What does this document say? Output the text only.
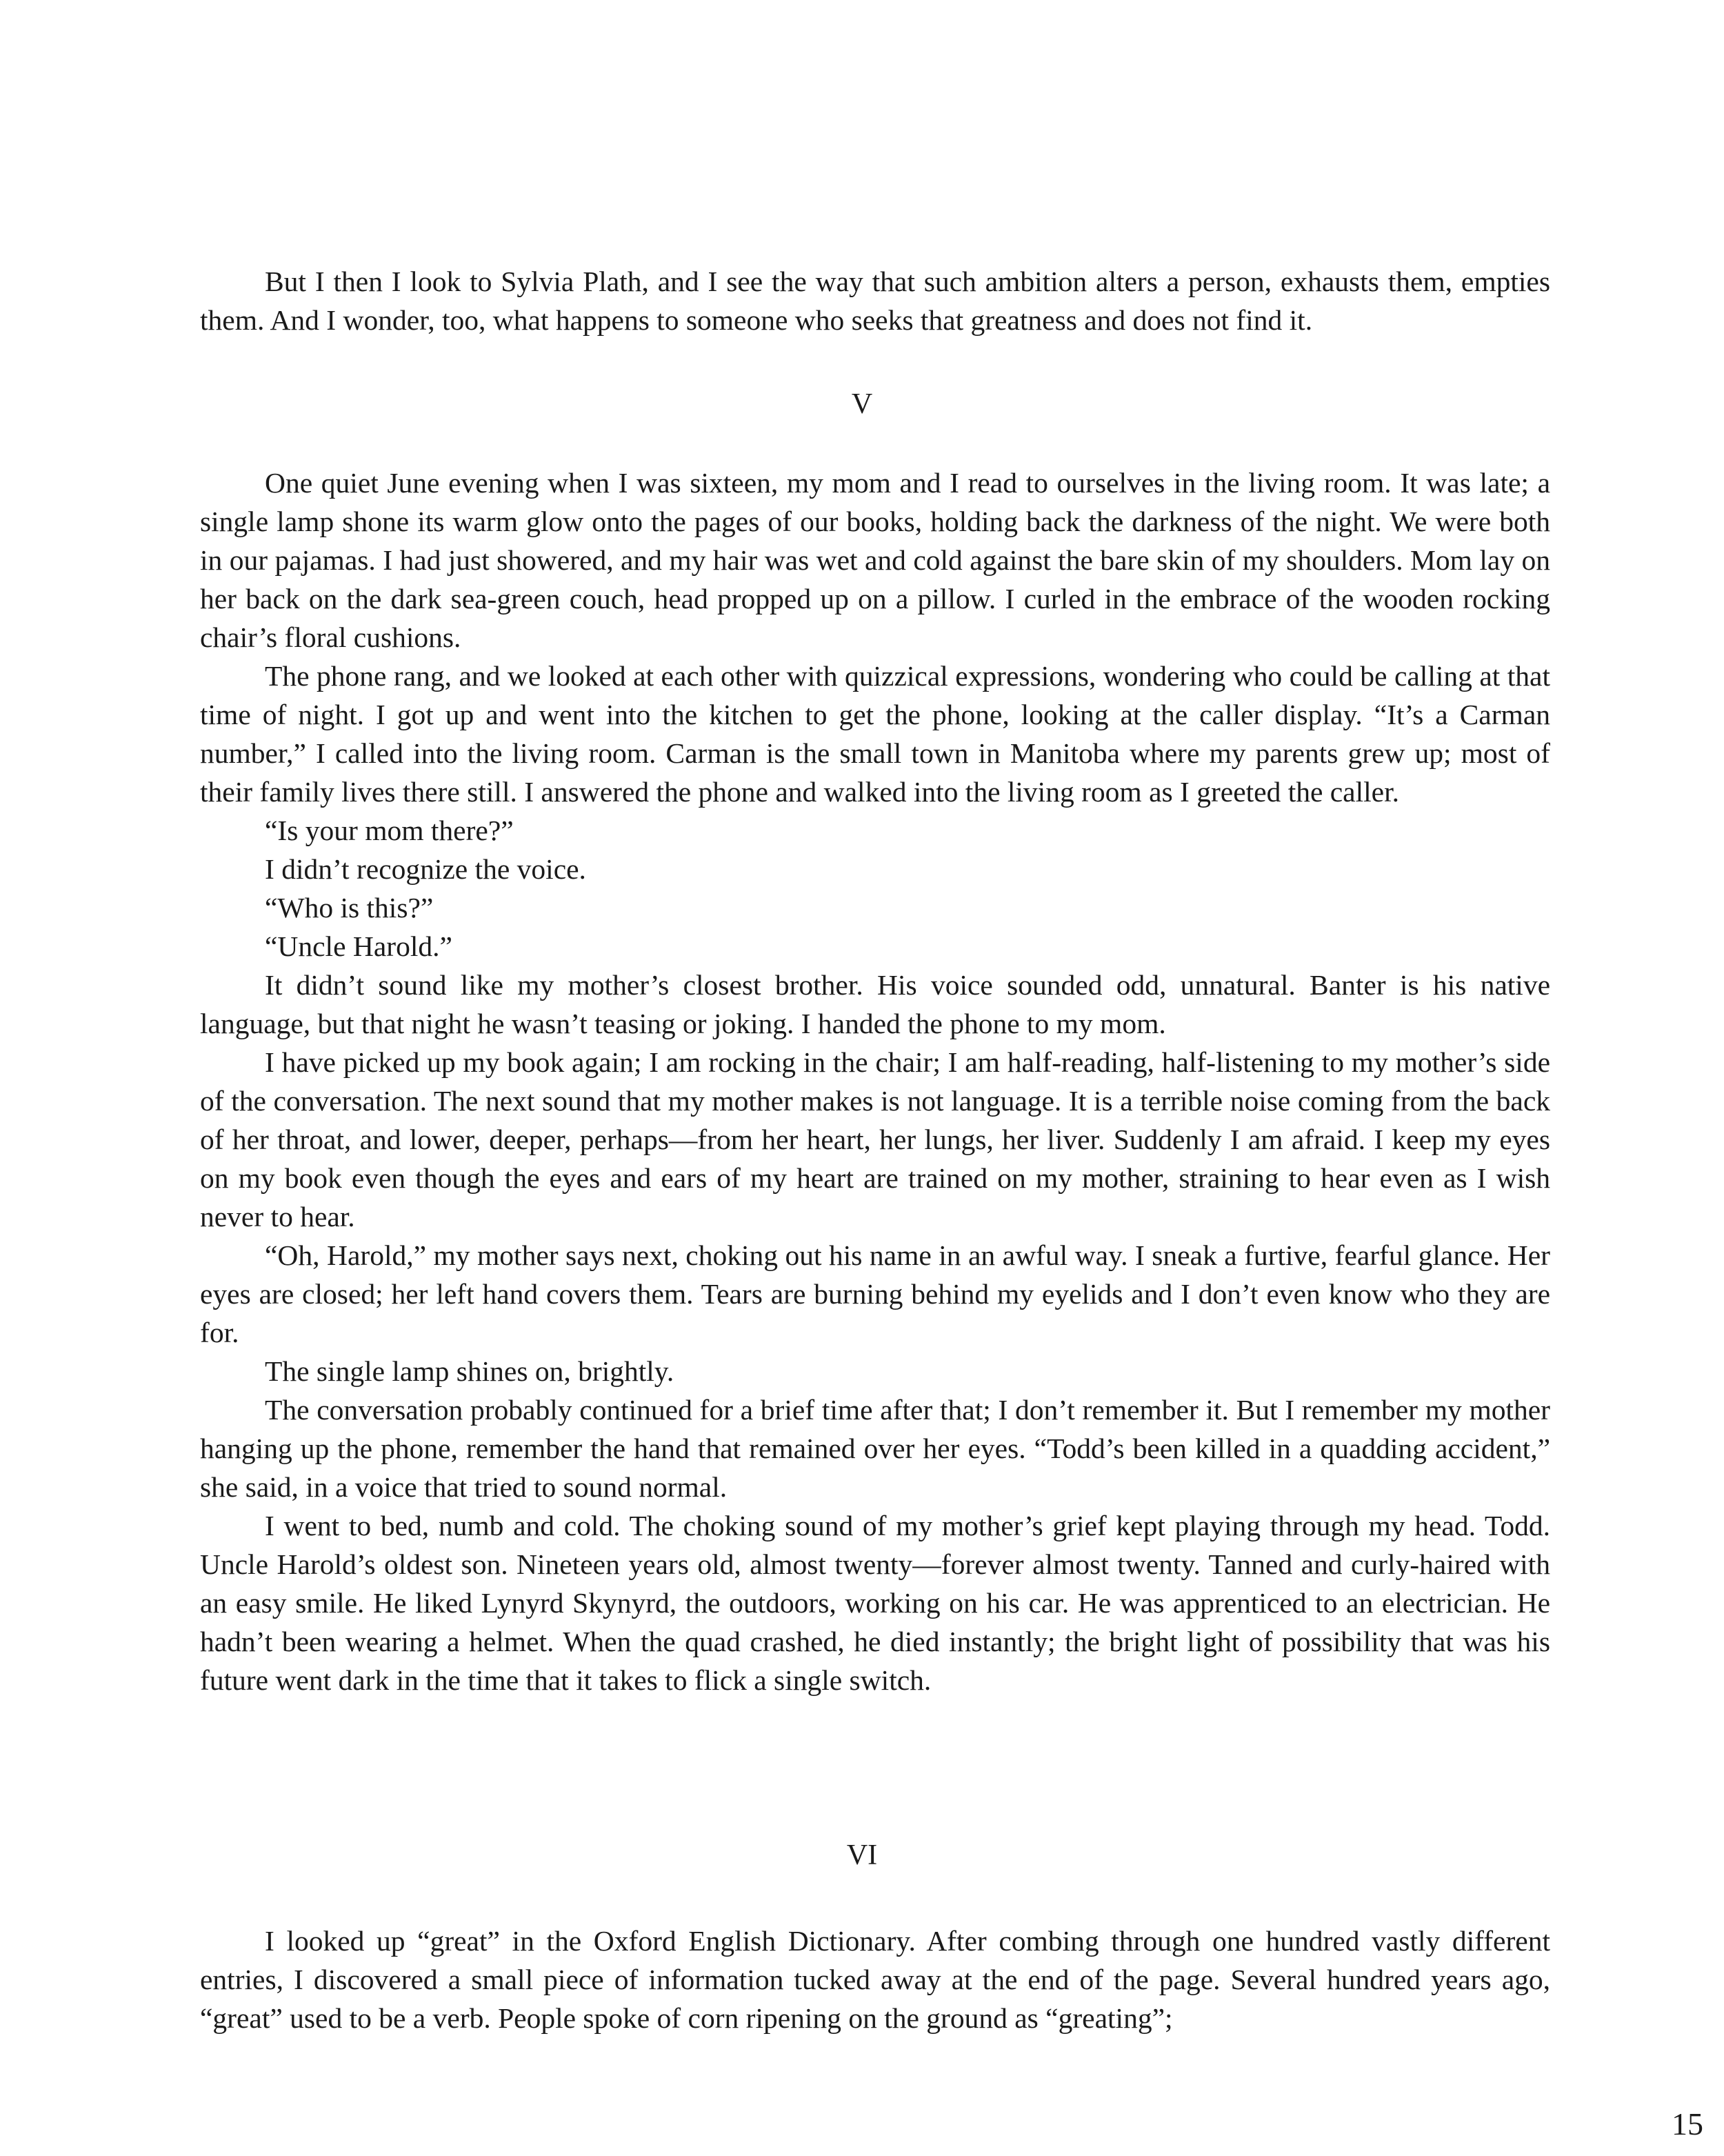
But I then I look to Sylvia Plath, and I see the way that such ambition alters a person, exhausts them, empties them. And I wonder, too, what happens to someone who seeks that greatness and does not find it.

V

One quiet June evening when I was sixteen, my mom and I read to ourselves in the living room. It was late; a single lamp shone its warm glow onto the pages of our books, holding back the darkness of the night. We were both in our pajamas. I had just showered, and my hair was wet and cold against the bare skin of my shoulders. Mom lay on her back on the dark sea-green couch, head propped up on a pillow. I curled in the embrace of the wooden rocking chair’s floral cushions.

The phone rang, and we looked at each other with quizzical expressions, wondering who could be calling at that time of night. I got up and went into the kitchen to get the phone, looking at the caller display. “It’s a Carman number,” I called into the living room. Carman is the small town in Manitoba where my parents grew up; most of their family lives there still. I answered the phone and walked into the living room as I greeted the caller.

“Is your mom there?”

I didn’t recognize the voice.

“Who is this?”

“Uncle Harold.”

It didn’t sound like my mother’s closest brother. His voice sounded odd, unnatural. Banter is his native language, but that night he wasn’t teasing or joking. I handed the phone to my mom.

I have picked up my book again; I am rocking in the chair; I am half-reading, half-listening to my mother’s side of the conversation. The next sound that my mother makes is not language. It is a terrible noise coming from the back of her throat, and lower, deeper, perhaps—from her heart, her lungs, her liver. Suddenly I am afraid. I keep my eyes on my book even though the eyes and ears of my heart are trained on my mother, straining to hear even as I wish never to hear.

“Oh, Harold,” my mother says next, choking out his name in an awful way. I sneak a furtive, fearful glance. Her eyes are closed; her left hand covers them. Tears are burning behind my eyelids and I don’t even know who they are for.

The single lamp shines on, brightly.

The conversation probably continued for a brief time after that; I don’t remember it. But I remember my mother hanging up the phone, remember the hand that remained over her eyes. “Todd’s been killed in a quadding accident,” she said, in a voice that tried to sound normal.

I went to bed, numb and cold. The choking sound of my mother’s grief kept playing through my head. Todd. Uncle Harold’s oldest son. Nineteen years old, almost twenty—forever almost twenty. Tanned and curly-haired with an easy smile. He liked Lynyrd Skynyrd, the outdoors, working on his car. He was apprenticed to an electrician. He hadn’t been wearing a helmet. When the quad crashed, he died instantly; the bright light of possibility that was his future went dark in the time that it takes to flick a single switch.

VI

I looked up “great” in the Oxford English Dictionary. After combing through one hundred vastly different entries, I discovered a small piece of information tucked away at the end of the page. Several hundred years ago, “great” used to be a verb. People spoke of corn ripening on the ground as “greating”;

15
